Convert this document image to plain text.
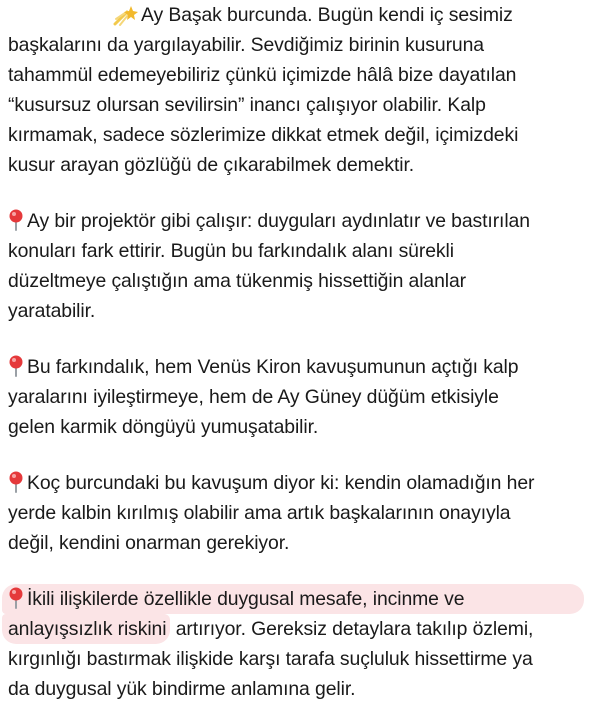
Ay Başak burcunda. Bugün kendi iç sesimiz
başkalarını da yargılayabilir. Sevdiğimiz birinin kusuruna
tahammül edemeyebiliriz çünkü içimizde hâlâ bize dayatılan
“kusursuz olursan sevilirsin” inancı çalışıyor olabilir. Kalp
kırmamak, sadece sözlerimize dikkat etmek değil, içimizdeki
kusur arayan gözlüğü de çıkarabilmek demektir.
Ay bir projektör gibi çalışır: duyguları aydınlatır ve bastırılan
konuları fark ettirir. Bugün bu farkındalık alanı sürekli
düzeltmeye çalıştığın ama tükenmiş hissettiğin alanlar
yaratabilir.
Bu farkındalık, hem Venüs Kiron kavuşumunun açtığı kalp
yaralarını iyileştirmeye, hem de Ay Güney düğüm etkisiyle
gelen karmik döngüyü yumuşatabilir.
Koç burcundaki bu kavuşum diyor ki: kendin olamadığın her
yerde kalbin kırılmış olabilir ama artık başkalarının onayıyla
değil, kendini onarman gerekiyor.
İkili ilişkilerde özellikle duygusal mesafe, incinme ve
anlayışsızlık riskini artırıyor. Gereksiz detaylara takılıp özlemi,
kırgınlığı bastırmak ilişkide karşı tarafa suçluluk hissettirme ya
da duygusal yük bindirme anlamına gelir.
